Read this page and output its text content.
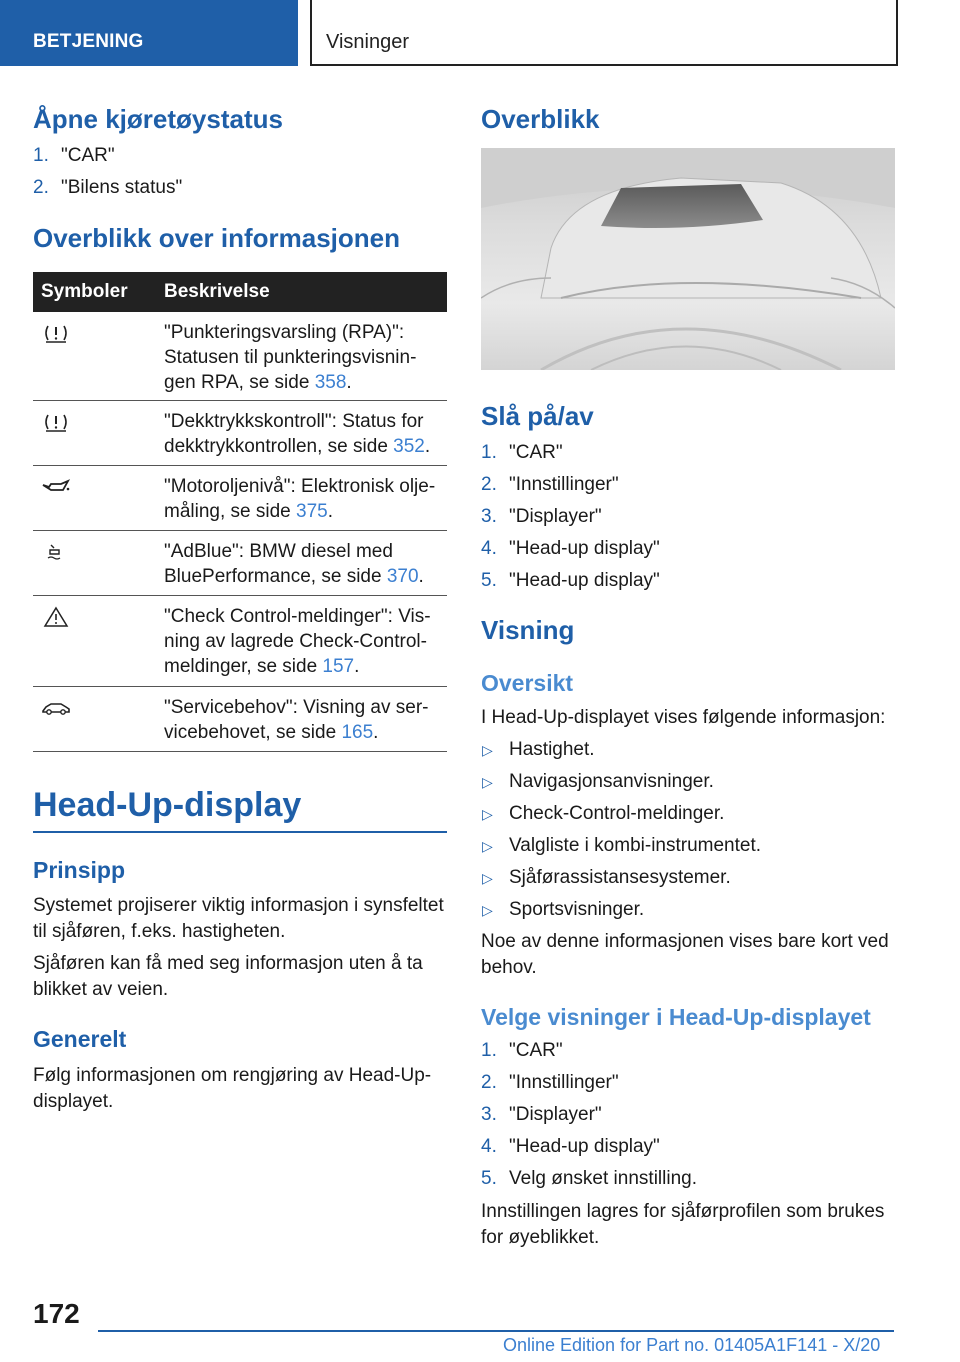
BETJENING	Visninger
Åpne kjøretøystatus
1. "CAR"
2. "Bilens status"
Overblikk over informasjonen
Symboler Beskrivelse
"Punkteringsvarsling (RPA)": Statusen til punkteringsvisnin-gen RPA, se side 358.
"Dekktrykkskontroll": Status for dekktrykkontrollen, se side 352.
"Motoroljenivå": Elektronisk olje-måling, se side 375.
"AdBlue": BMW diesel med BluePerformance, se side 370.
"Check Control-meldinger": Vis-ning av lagrede Check-Control-meldinger, se side 157.
"Servicebehov": Visning av ser-vicebehovet, se side 165.
Head-Up-display
Prinsipp
Systemet projiserer viktig informasjon i synsfeltet til sjåføren, f.eks. hastigheten.
Sjåføren kan få med seg informasjon uten å ta blikket av veien.
Generelt
Følg informasjonen om rengjøring av Head-Up-displayet.
Overblikk
Slå på/av
1. "CAR"
2. "Innstillinger"
3. "Displayer"
4. "Head-up display"
5. "Head-up display"
Visning
Oversikt
I Head-Up-displayet vises følgende informasjon:
▷ Hastighet.
▷ Navigasjonsanvisninger.
▷ Check-Control-meldinger.
▷ Valgliste i kombi-instrumentet.
▷ Sjåførassistansesystemer.
▷ Sportsvisninger.
Noe av denne informasjonen vises bare kort ved behov.
Velge visninger i Head-Up-displayet
1. "CAR"
2. "Innstillinger"
3. "Displayer"
4. "Head-up display"
5. Velg ønsket innstilling.
Innstillingen lagres for sjåførprofilen som brukes for øyeblikket.
172
Online Edition for Part no. 01405A1F141 - X/20
